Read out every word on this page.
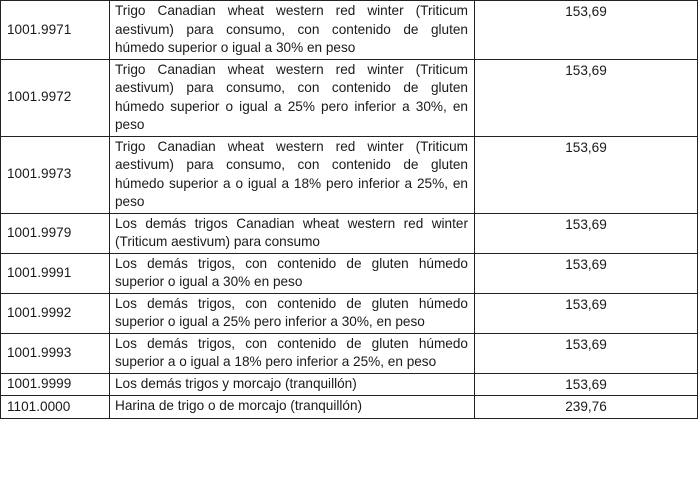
1001.9971	Trigo Canadian wheat western red winter (Triticum aestivum) para consumo, con contenido de gluten húmedo superior o igual a 30% en peso	153,69
1001.9972	Trigo Canadian wheat western red winter (Triticum aestivum) para consumo, con contenido de gluten húmedo superior o igual a 25% pero inferior a 30%, en peso	153,69
1001.9973	Trigo Canadian wheat western red winter (Triticum aestivum) para consumo, con contenido de gluten húmedo superior a o igual a 18% pero inferior a 25%, en peso	153,69
1001.9979	Los demás trigos Canadian wheat western red winter (Triticum aestivum) para consumo	153,69
1001.9991	Los demás trigos, con contenido de gluten húmedo superior o igual a 30% en peso	153,69
1001.9992	Los demás trigos, con contenido de gluten húmedo superior o igual a 25% pero inferior a 30%, en peso	153,69
1001.9993	Los demás trigos, con contenido de gluten húmedo superior a o igual a 18% pero inferior a 25%, en peso	153,69
1001.9999	Los demás trigos y morcajo (tranquillón)	153,69
1101.0000	Harina de trigo o de morcajo (tranquillón)	239,76
